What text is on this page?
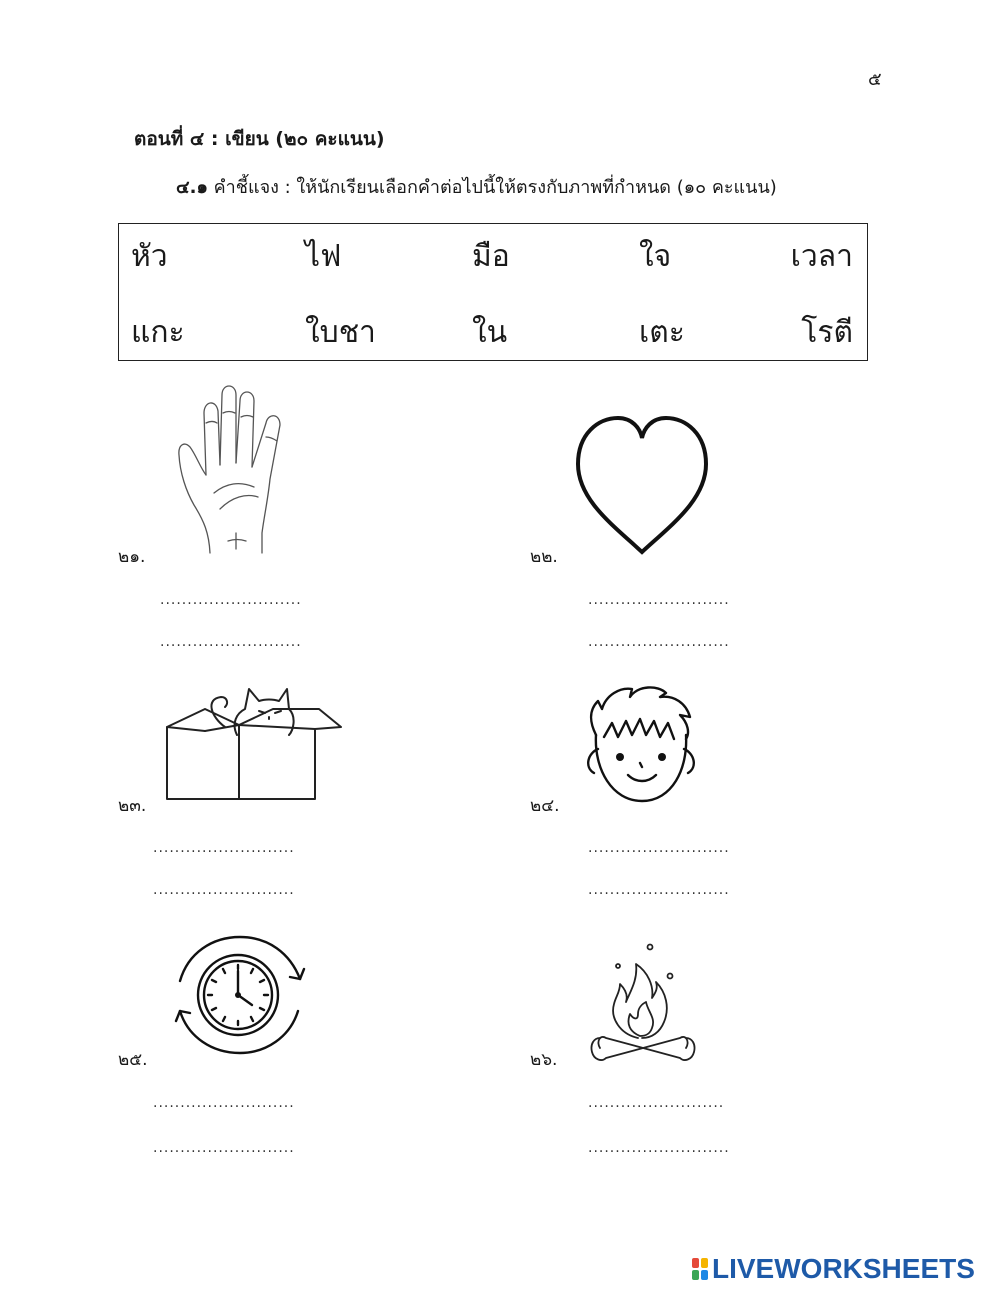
๕
ตอนที่ ๔ : เขียน (๒๐ คะแนน)
๔.๑ คำชี้แจง : ให้นักเรียนเลือกคำต่อไปนี้ให้ตรงกับภาพที่กำหนด (๑๐ คะแนน)
หัว	ไฟ	มือ	ใจ	เวลา
แกะ	ใบชา	ใน	เตะ	โรตี
๒๑.
..........................
..........................
๒๒.
..........................
..........................
๒๓.
..........................
..........................
๒๔.
..........................
..........................
๒๕.
..........................
..........................
๒๖.
.........................
..........................
LIVEWORKSHEETS
